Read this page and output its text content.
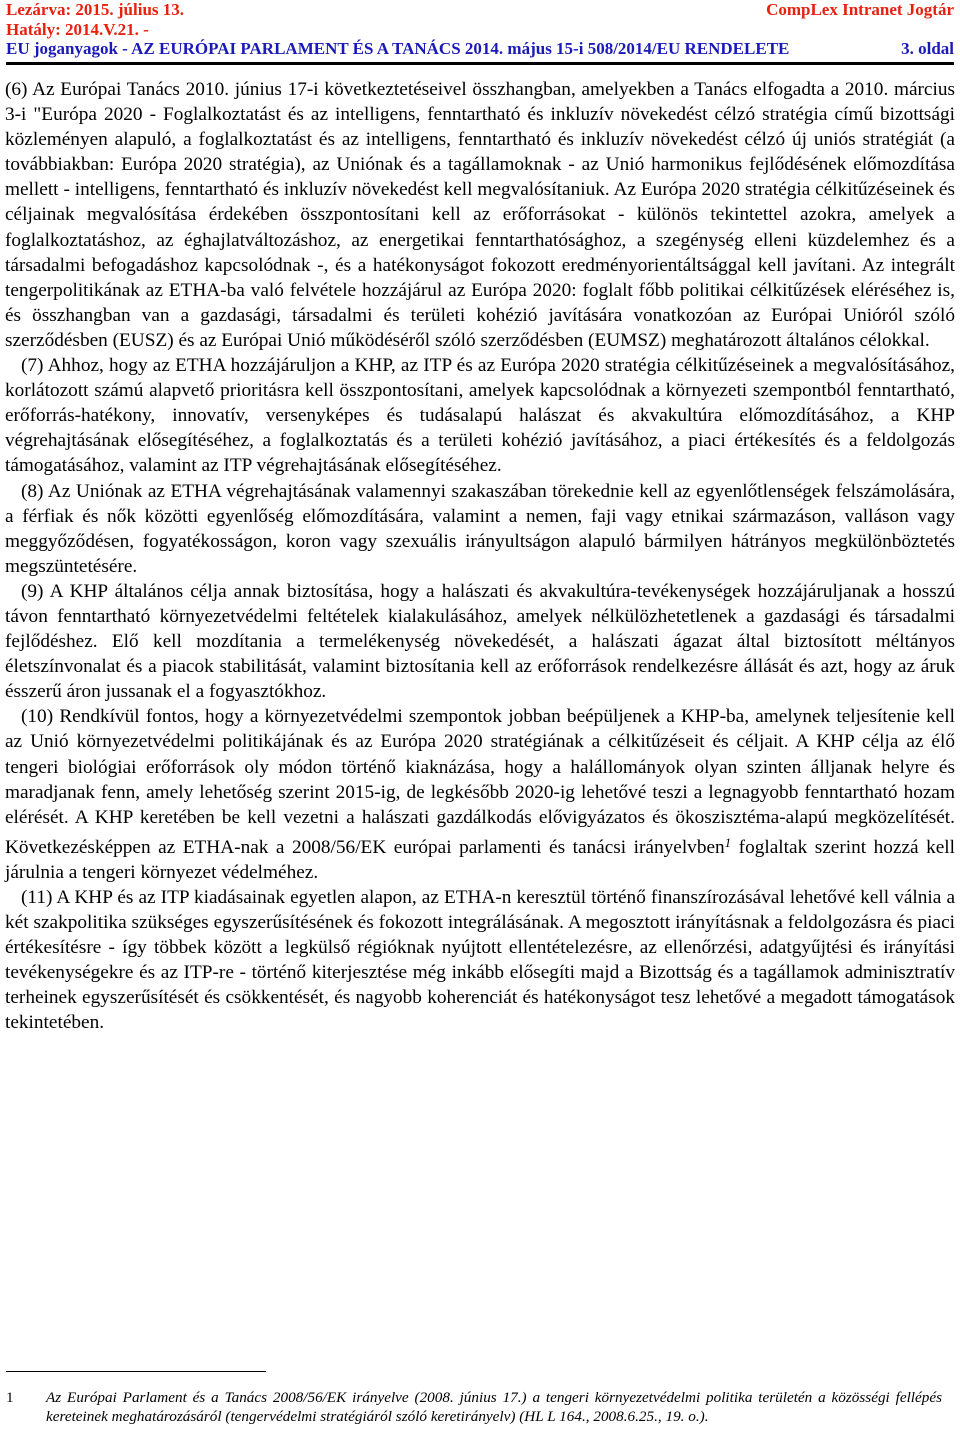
Lezárva: 2015. július 13.	CompLex Intranet Jogtár
Hatály: 2014.V.21. -
EU joganyagok - AZ EURÓPAI PARLAMENT ÉS A TANÁCS 2014. május 15-i 508/2014/EU RENDELETE	3. oldal

(6) Az Európai Tanács 2010. június 17-i következtetéseivel összhangban, amelyekben a Tanács elfogadta a 2010. március 3-i "Európa 2020 - Foglalkoztatást és az intelligens, fenntartható és inkluzív növekedést célzó stratégia című bizottsági közleményen alapuló, a foglalkoztatást és az intelligens, fenntartható és inkluzív növekedést célzó új uniós stratégiát (a továbbiakban: Európa 2020 stratégia), az Uniónak és a tagállamoknak - az Unió harmonikus fejlődésének előmozdítása mellett - intelligens, fenntartható és inkluzív növekedést kell megvalósítaniuk. Az Európa 2020 stratégia célkitűzéseinek és céljainak megvalósítása érdekében összpontosítani kell az erőforrásokat - különös tekintettel azokra, amelyek a foglalkoztatáshoz, az éghajlatváltozáshoz, az energetikai fenntarthatósághoz, a szegénység elleni küzdelemhez és a társadalmi befogadáshoz kapcsolódnak -, és a hatékonyságot fokozott eredményorientáltsággal kell javítani. Az integrált tengerpolitikának az ETHA-ba való felvétele hozzájárul az Európa 2020: foglalt főbb politikai célkitűzések eléréséhez is, és összhangban van a gazdasági, társadalmi és területi kohézió javítására vonatkozóan az Európai Unióról szóló szerződésben (EUSZ) és az Európai Unió működéséről szóló szerződésben (EUMSZ) meghatározott általános célokkal.

(7) Ahhoz, hogy az ETHA hozzájáruljon a KHP, az ITP és az Európa 2020 stratégia célkitűzéseinek a megvalósításához, korlátozott számú alapvető prioritásra kell összpontosítani, amelyek kapcsolódnak a környezeti szempontból fenntartható, erőforrás-hatékony, innovatív, versenyképes és tudásalapú halászat és akvakultúra előmozdításához, a KHP végrehajtásának elősegítéséhez, a foglalkoztatás és a területi kohézió javításához, a piaci értékesítés és a feldolgozás támogatásához, valamint az ITP végrehajtásának elősegítéséhez.

(8) Az Uniónak az ETHA végrehajtásának valamennyi szakaszában törekednie kell az egyenlőtlenségek felszámolására, a férfiak és nők közötti egyenlőség előmozdítására, valamint a nemen, faji vagy etnikai származáson, valláson vagy meggyőződésen, fogyatékosságon, koron vagy szexuális irányultságon alapuló bármilyen hátrányos megkülönböztetés megszüntetésére.

(9) A KHP általános célja annak biztosítása, hogy a halászati és akvakultúra-tevékenységek hozzájáruljanak a hosszú távon fenntartható környezetvédelmi feltételek kialakulásához, amelyek nélkülözhetetlenek a gazdasági és társadalmi fejlődéshez. Elő kell mozdítania a termelékenység növekedését, a halászati ágazat által biztosított méltányos életszínvonalat és a piacok stabilitását, valamint biztosítania kell az erőforrások rendelkezésre állását és azt, hogy az áruk ésszerű áron jussanak el a fogyasztókhoz.

(10) Rendkívül fontos, hogy a környezetvédelmi szempontok jobban beépüljenek a KHP-ba, amelynek teljesítenie kell az Unió környezetvédelmi politikájának és az Európa 2020 stratégiának a célkitűzéseit és céljait. A KHP célja az élő tengeri biológiai erőforrások oly módon történő kiaknázása, hogy a halállományok olyan szinten álljanak helyre és maradjanak fenn, amely lehetőség szerint 2015-ig, de legkésőbb 2020-ig lehetővé teszi a legnagyobb fenntartható hozam elérését. A KHP keretében be kell vezetni a halászati gazdálkodás elővigyázatos és ökoszisztéma-alapú megközelítését. Következésképpen az ETHA-nak a 2008/56/EK európai parlamenti és tanácsi irányelvben$^1$ foglaltak szerint hozzá kell járulnia a tengeri környezet védelméhez.

(11) A KHP és az ITP kiadásainak egyetlen alapon, az ETHA-n keresztül történő finanszírozásával lehetővé kell válnia a két szakpolitika szükséges egyszerűsítésének és fokozott integrálásának. A megosztott irányításnak a feldolgozásra és piaci értékesítésre - így többek között a legkülső régióknak nyújtott ellentételezésre, az ellenőrzési, adatgyűjtési és irányítási tevékenységekre és az ITP-re - történő kiterjesztése még inkább elősegíti majd a Bizottság és a tagállamok adminisztratív terheinek egyszerűsítését és csökkentését, és nagyobb koherenciát és hatékonyságot tesz lehetővé a megadott támogatások tekintetében.

1 Az Európai Parlament és a Tanács 2008/56/EK irányelve (2008. június 17.) a tengeri környezetvédelmi politika területén a közösségi fellépés kereteinek meghatározásáról (tengervédelmi stratégiáról szóló keretirányelv) (HL L 164., 2008.6.25., 19. o.).
